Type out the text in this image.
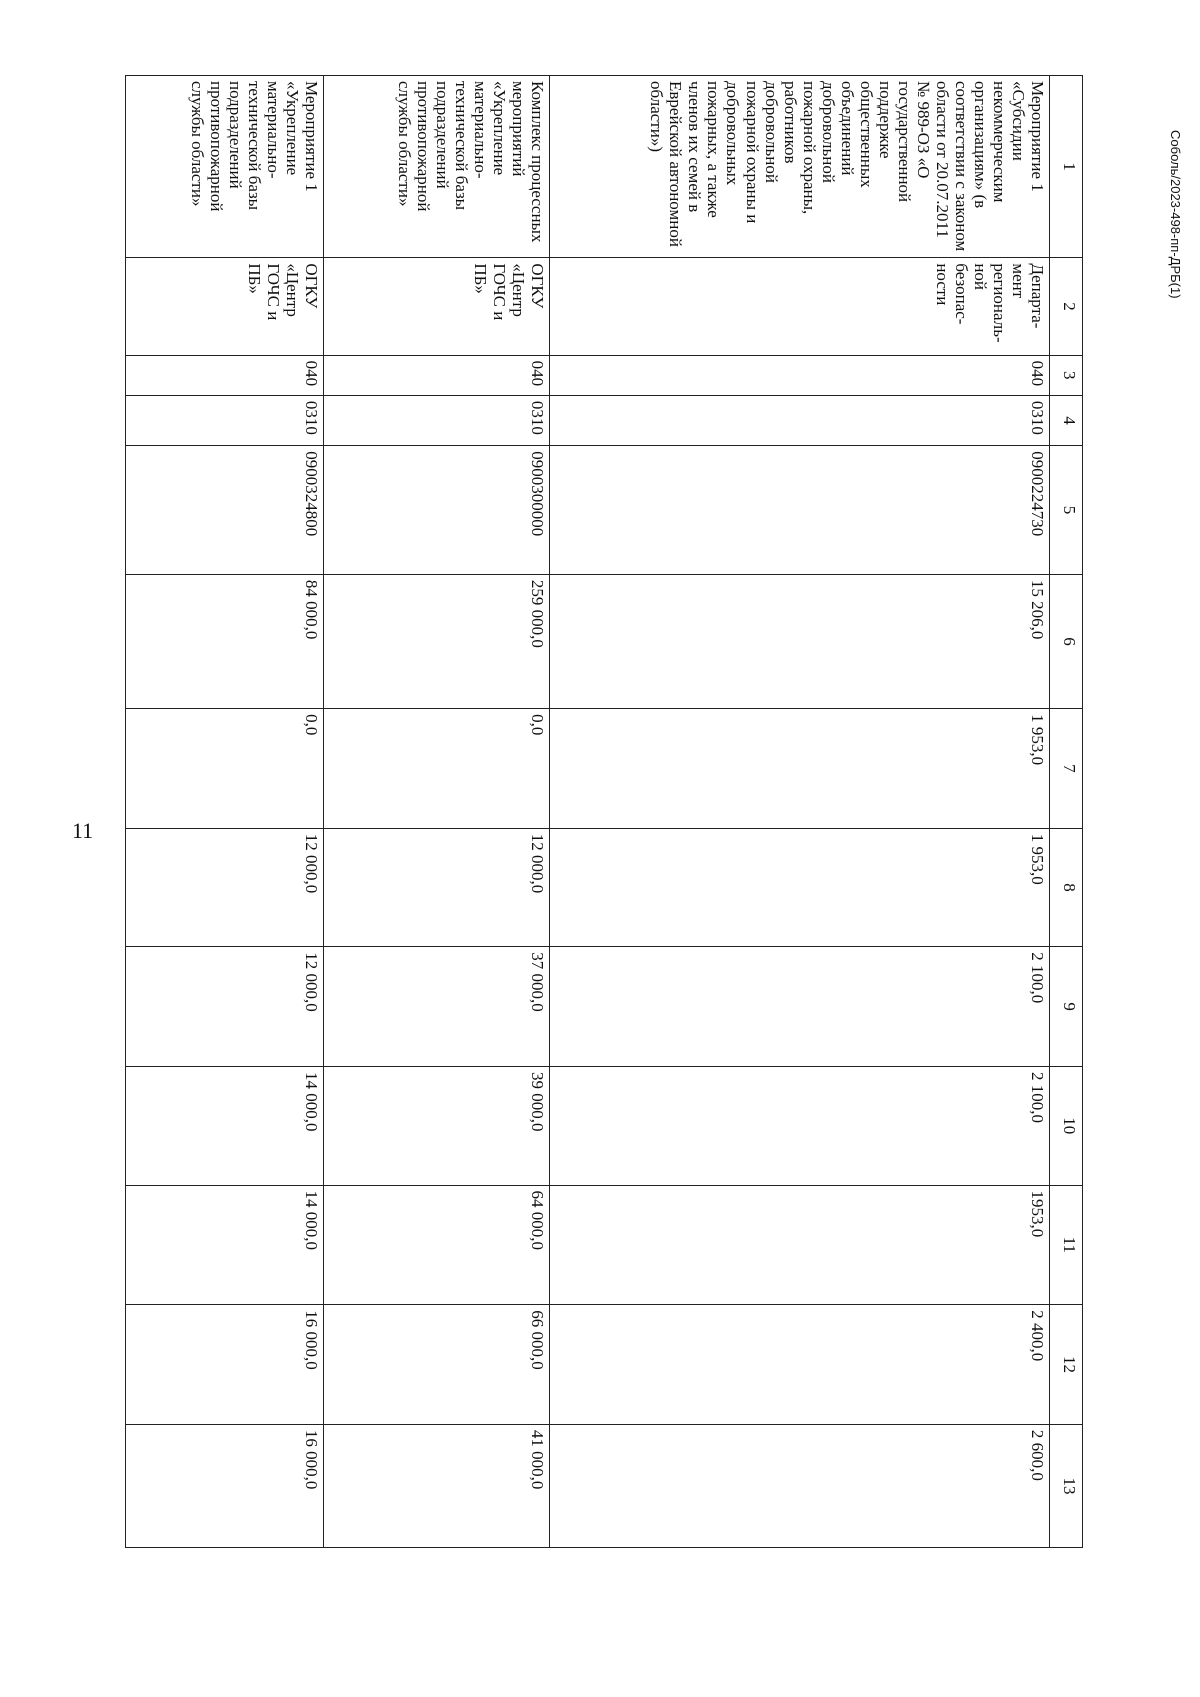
11
Соболь/2023-498-пп-ДРБ(1)
1	2	3	4	5	6	7	8	9	10	11	12	13
Мероприятие 1 «Субсидии некоммерческим организациям» (в соответствии с законом области от 20.07.2011 № 989-ОЗ «О государственной поддержке общественных объединений добровольной пожарной охраны, работников добровольной пожарной охраны и добровольных пожарных, а также членов их семей в Еврейской автономной области»)	Департа-мент региональ-ной безопас-ности	040	0310	0900224730	15 206,0	1 953,0	1 953,0	2 100,0	2 100,0	1953,0	2 400,0	2 600,0
Комплекс процессных мероприятий «Укрепление материально-технической базы подразделений противопожарной службы области»	ОГКУ «Центр ГОЧС и ПБ»	040	0310	0900300000	259 000,0	0,0	12 000,0	37 000,0	39 000,0	64 000,0	66 000,0	41 000,0
Мероприятие 1 «Укрепление материально-технической базы подразделений противопожарной службы области»	ОГКУ «Центр ГОЧС и ПБ»	040	0310	0900324800	84 000,0	0,0	12 000,0	12 000,0	14 000,0	14 000,0	16 000,0	16 000,0
